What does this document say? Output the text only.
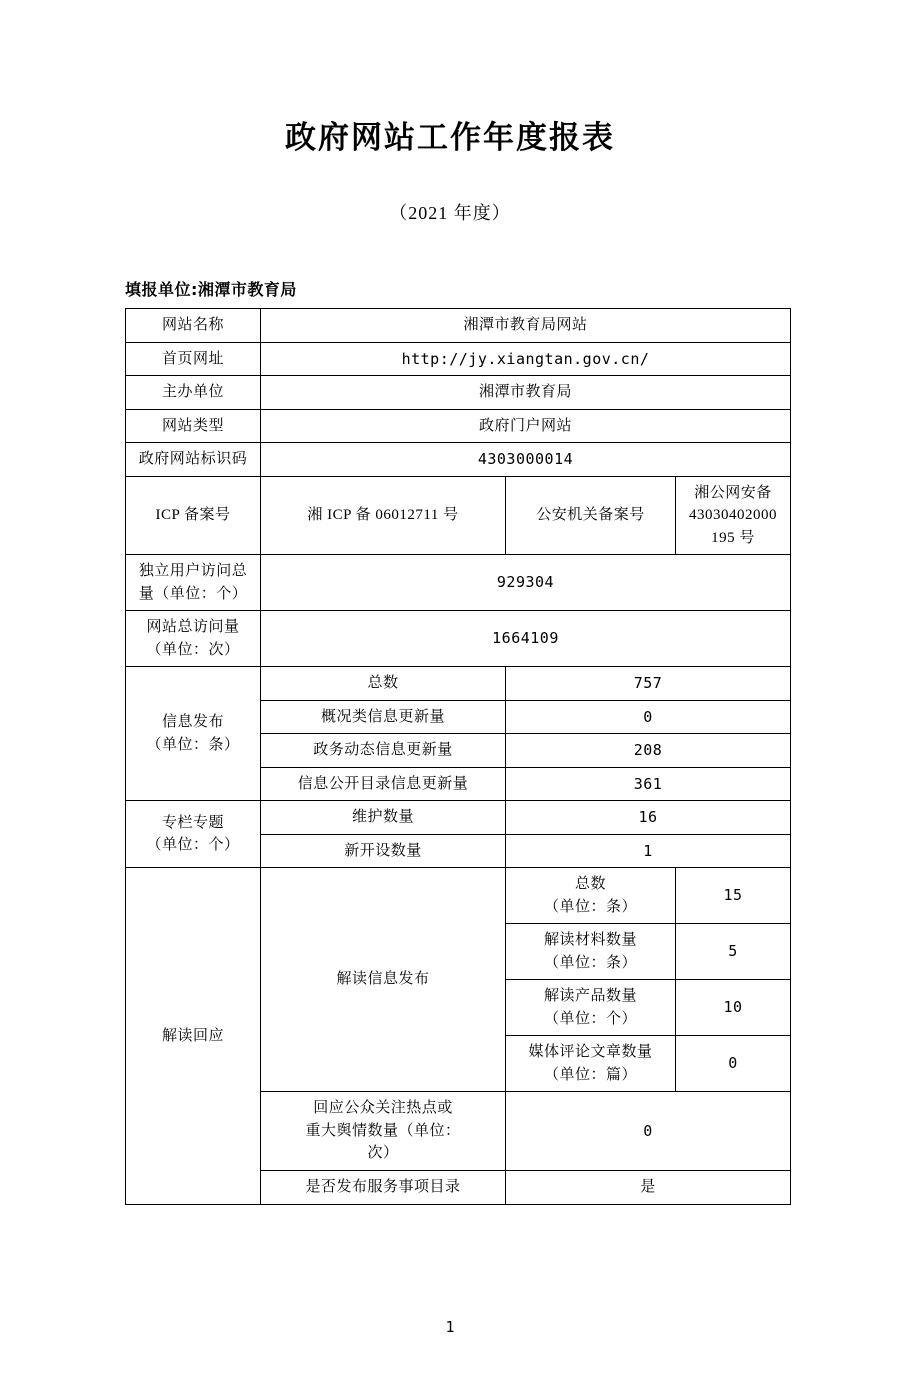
政府网站工作年度报表
（2021 年度）
填报单位:湘潭市教育局
网站名称	湘潭市教育局网站		
首页网址	http://jy.xiangtan.gov.cn/		
主办单位	湘潭市教育局		
网站类型	政府门户网站		
政府网站标识码	4303000014		
ICP 备案号	湘 ICP 备 06012711 号	公安机关备案号	湘公网安备
43030402000
195 号

独立用户访问总
量（单位：个）	929304		

网站总访问量
（单位：次）	1664109		

信息发布
（单位：条）	总数	757	
	概况类信息更新量	0	
	政务动态信息更新量	208	
	信息公开目录信息更新量	361	

专栏专题
（单位：个）	维护数量	16	
	新开设数量	1	
解读回应	解读信息发布	总数
（单位：条）	15

		解读材料数量
（单位：条）	5

		解读产品数量
（单位：个）	10

		媒体评论文章数量
（单位：篇）	0

	回应公众关注热点或
重大舆情数量（单位：
次）	0	
	是否发布服务事项目录	是	
1
